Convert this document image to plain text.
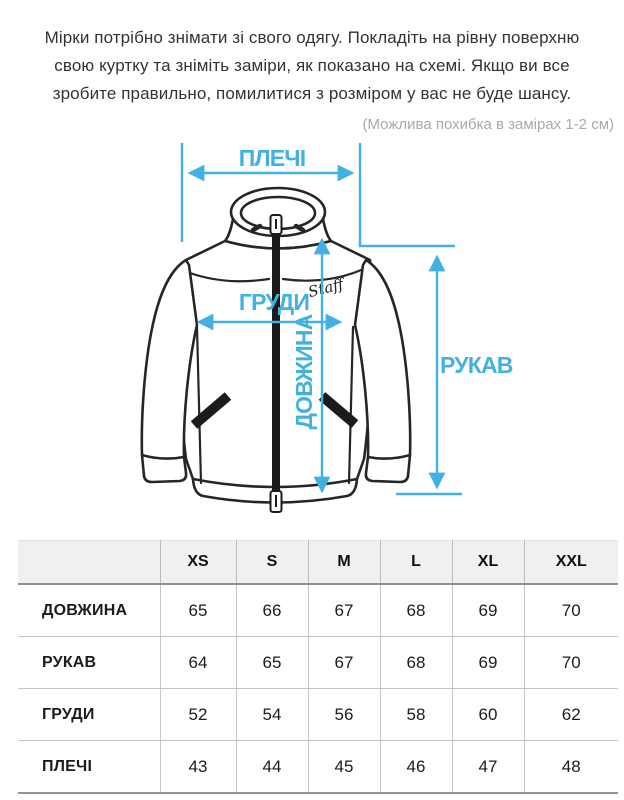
Мірки потрібно знімати зі свого одягу. Покладіть на рівну поверхню
свою куртку та зніміть заміри, як показано на схемі. Якщо ви все
зробите правильно, помилитися з розміром у вас не буде шансу.
(Можлива похибка в замірах 1-2 см)
Staff
ПЛЕЧІ
ГРУДИ
ДОВЖИНА	РУКАВ
	XS	S	M	L	XL	XXL
ДОВЖИНА	65	66	67	68	69	70
РУКАВ	64	65	67	68	69	70
ГРУДИ	52	54	56	58	60	62
ПЛЕЧІ	43	44	45	46	47	48
